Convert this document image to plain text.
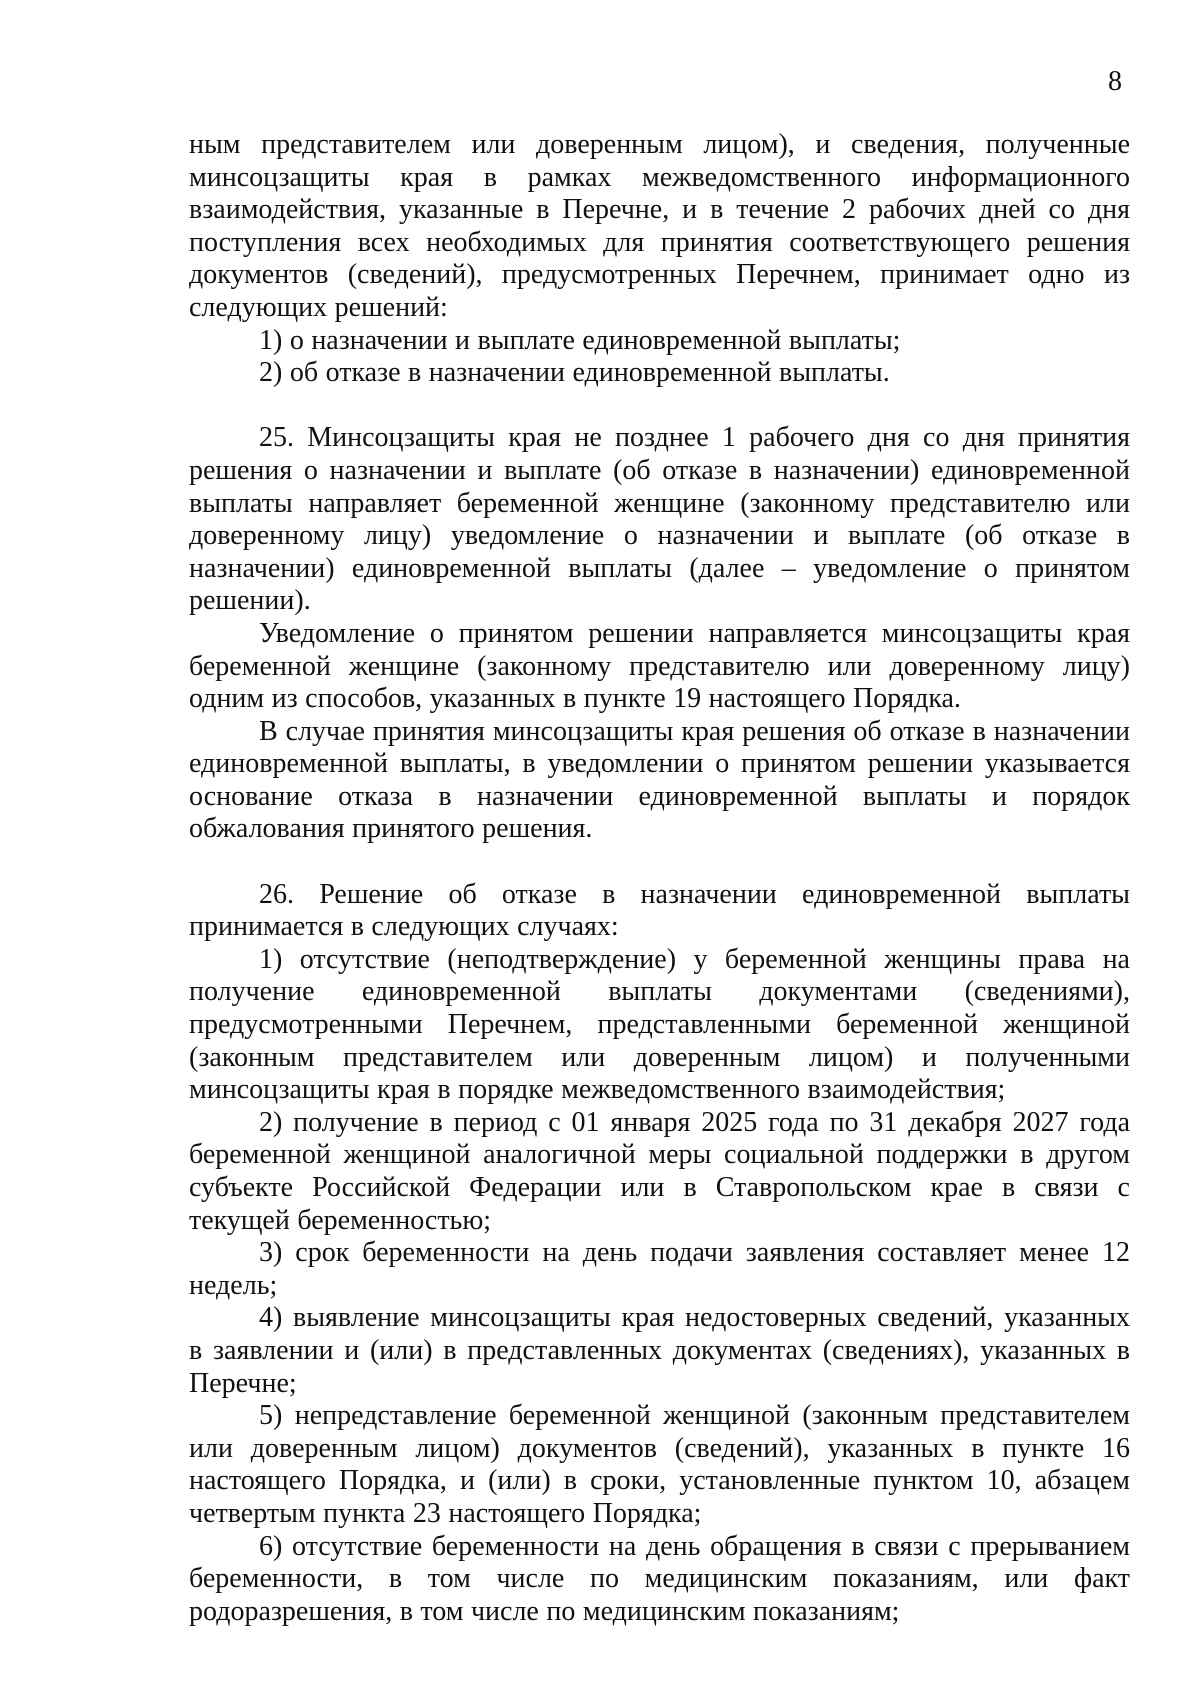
8

ным представителем или доверенным лицом), и сведения, полученные минсоцзащиты края в рамках межведомственного информационного взаимодействия, указанные в Перечне, и в течение 2 рабочих дней со дня поступления всех необходимых для принятия соответствующего решения документов (сведений), предусмотренных Перечнем, принимает одно из следующих решений:

1) о назначении и выплате единовременной выплаты;

2) об отказе в назначении единовременной выплаты.

25. Минсоцзащиты края не позднее 1 рабочего дня со дня принятия решения о назначении и выплате (об отказе в назначении) единовременной выплаты направляет беременной женщине (законному представителю или доверенному лицу) уведомление о назначении и выплате (об отказе в назначении) единовременной выплаты (далее – уведомление о принятом решении).

Уведомление о принятом решении направляется минсоцзащиты края беременной женщине (законному представителю или доверенному лицу) одним из способов, указанных в пункте 19 настоящего Порядка.

В случае принятия минсоцзащиты края решения об отказе в назначении единовременной выплаты, в уведомлении о принятом решении указывается основание отказа в назначении единовременной выплаты и порядок обжалования принятого решения.

26. Решение об отказе в назначении единовременной выплаты принимается в следующих случаях:

1) отсутствие (неподтверждение) у беременной женщины права на получение единовременной выплаты документами (сведениями), предусмотренными Перечнем, представленными беременной женщиной (законным представителем или доверенным лицом) и полученными минсоцзащиты края в порядке межведомственного взаимодействия;

2) получение в период с 01 января 2025 года по 31 декабря 2027 года беременной женщиной аналогичной меры социальной поддержки в другом субъекте Российской Федерации или в Ставропольском крае в связи с текущей беременностью;

3) срок беременности на день подачи заявления составляет менее 12 недель;

4) выявление минсоцзащиты края недостоверных сведений, указанных в заявлении и (или) в представленных документах (сведениях), указанных в Перечне;

5) непредставление беременной женщиной (законным представителем или доверенным лицом) документов (сведений), указанных в пункте 16 настоящего Порядка, и (или) в сроки, установленные пунктом 10, абзацем четвертым пункта 23 настоящего Порядка;

6) отсутствие беременности на день обращения в связи с прерыванием беременности, в том числе по медицинским показаниям, или факт родоразрешения, в том числе по медицинским показаниям;
